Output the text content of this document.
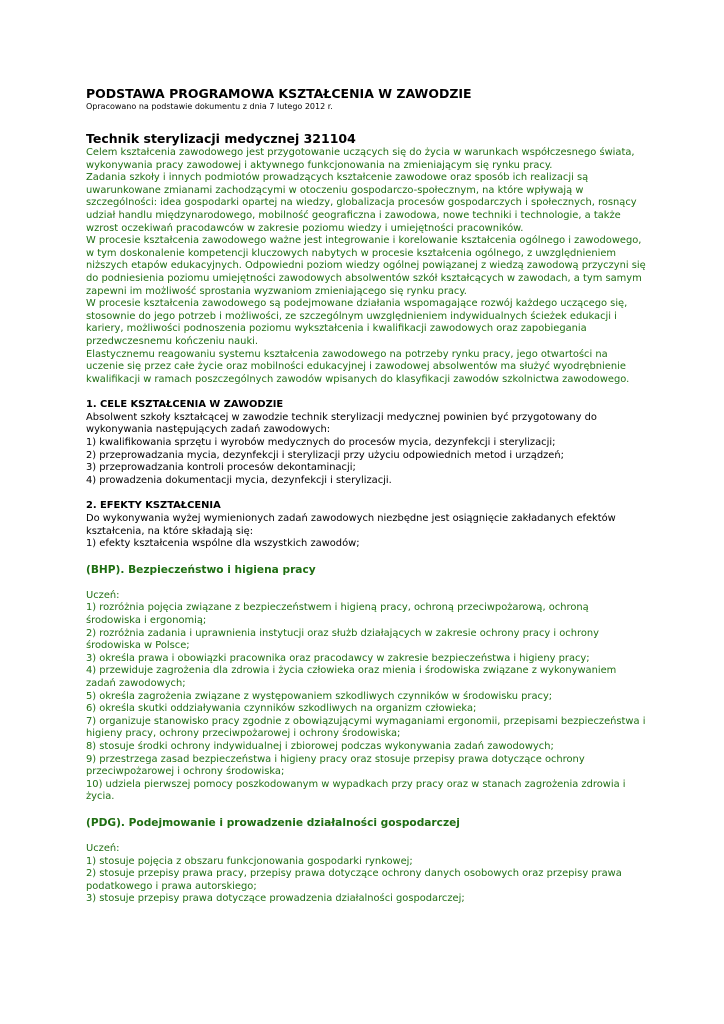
PODSTAWA PROGRAMOWA KSZTAŁCENIA W ZAWODZIE

Opracowano na podstawie dokumentu z dnia 7 lutego 2012 r.

Technik sterylizacji medycznej 321104

Celem kształcenia zawodowego jest przygotowanie uczących się do życia w warunkach współczesnego świata, wykonywania pracy zawodowej i aktywnego funkcjonowania na zmieniającym się rynku pracy.

Zadania szkoły i innych podmiotów prowadzących kształcenie zawodowe oraz sposób ich realizacji są uwarunkowane zmianami zachodzącymi w otoczeniu gospodarczo-społecznym, na które wpływają w szczególności: idea gospodarki opartej na wiedzy, globalizacja procesów gospodarczych i społecznych, rosnący udział handlu międzynarodowego, mobilność geograficzna i zawodowa, nowe techniki i technologie, a także wzrost oczekiwań pracodawców w zakresie poziomu wiedzy i umiejętności pracowników.

W procesie kształcenia zawodowego ważne jest integrowanie i korelowanie kształcenia ogólnego i zawodowego, w tym doskonalenie kompetencji kluczowych nabytych w procesie kształcenia ogólnego, z uwzględnieniem niższych etapów edukacyjnych. Odpowiedni poziom wiedzy ogólnej powiązanej z wiedzą zawodową przyczyni się do podniesienia poziomu umiejętności zawodowych absolwentów szkół kształcących w zawodach, a tym samym zapewni im możliwość sprostania wyzwaniom zmieniającego się rynku pracy.

W procesie kształcenia zawodowego są podejmowane działania wspomagające rozwój każdego uczącego się, stosownie do jego potrzeb i możliwości, ze szczególnym uwzględnieniem indywidualnych ścieżek edukacji i kariery, możliwości podnoszenia poziomu wykształcenia i kwalifikacji zawodowych oraz zapobiegania przedwczesnemu kończeniu nauki.

Elastycznemu reagowaniu systemu kształcenia zawodowego na potrzeby rynku pracy, jego otwartości na uczenie się przez całe życie oraz mobilności edukacyjnej i zawodowej absolwentów ma służyć wyodrębnienie kwalifikacji w ramach poszczególnych zawodów wpisanych do klasyfikacji zawodów szkolnictwa zawodowego.

1. CELE KSZTAŁCENIA W ZAWODZIE

Absolwent szkoły kształcącej w zawodzie technik sterylizacji medycznej powinien być przygotowany do wykonywania następujących zadań zawodowych:

1) kwalifikowania sprzętu i wyrobów medycznych do procesów mycia, dezynfekcji i sterylizacji;
2) przeprowadzania mycia, dezynfekcji i sterylizacji przy użyciu odpowiednich metod i urządzeń;
3) przeprowadzania kontroli procesów dekontaminacji;
4) prowadzenia dokumentacji mycia, dezynfekcji i sterylizacji.

2. EFEKTY KSZTAŁCENIA

Do wykonywania wyżej wymienionych zadań zawodowych niezbędne jest osiągnięcie zakładanych efektów kształcenia, na które składają się:

1) efekty kształcenia wspólne dla wszystkich zawodów;

(BHP). Bezpieczeństwo i higiena pracy

Uczeń:

1) rozróżnia pojęcia związane z bezpieczeństwem i higieną pracy, ochroną przeciwpożarową, ochroną środowiska i ergonomią;
2) rozróżnia zadania i uprawnienia instytucji oraz służb działających w zakresie ochrony pracy i ochrony środowiska w Polsce;
3) określa prawa i obowiązki pracownika oraz pracodawcy w zakresie bezpieczeństwa i higieny pracy;
4) przewiduje zagrożenia dla zdrowia i życia człowieka oraz mienia i środowiska związane z wykonywaniem zadań zawodowych;
5) określa zagrożenia związane z występowaniem szkodliwych czynników w środowisku pracy;
6) określa skutki oddziaływania czynników szkodliwych na organizm człowieka;
7) organizuje stanowisko pracy zgodnie z obowiązującymi wymaganiami ergonomii, przepisami bezpieczeństwa i higieny pracy, ochrony przeciwpożarowej i ochrony środowiska;
8) stosuje środki ochrony indywidualnej i zbiorowej podczas wykonywania zadań zawodowych;
9) przestrzega zasad bezpieczeństwa i higieny pracy oraz stosuje przepisy prawa dotyczące ochrony przeciwpożarowej i ochrony środowiska;
10) udziela pierwszej pomocy poszkodowanym w wypadkach przy pracy oraz w stanach zagrożenia zdrowia i życia.

(PDG). Podejmowanie i prowadzenie działalności gospodarczej

Uczeń:

1) stosuje pojęcia z obszaru funkcjonowania gospodarki rynkowej;
2) stosuje przepisy prawa pracy, przepisy prawa dotyczące ochrony danych osobowych oraz przepisy prawa podatkowego i prawa autorskiego;
3) stosuje przepisy prawa dotyczące prowadzenia działalności gospodarczej;
